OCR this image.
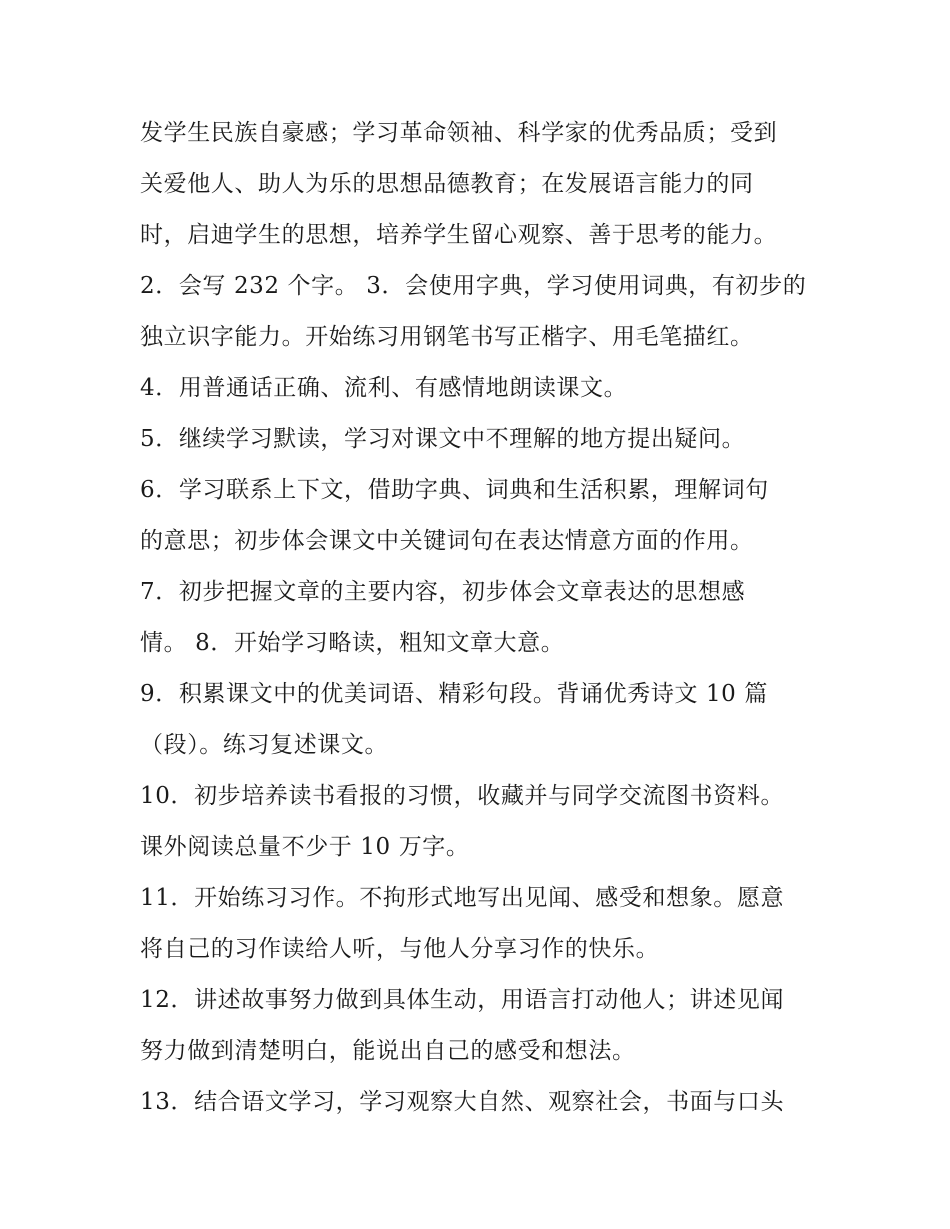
发学生民族自豪感；学习革命领袖、科学家的优秀品质；受到
关爱他人、助人为乐的思想品德教育；在发展语言能力的同
时，启迪学生的思想，培养学生留心观察、善于思考的能力。
2．会写 232 个字。 3．会使用字典，学习使用词典，有初步的
独立识字能力。开始练习用钢笔书写正楷字、用毛笔描红。
4．用普通话正确、流利、有感情地朗读课文。
5．继续学习默读，学习对课文中不理解的地方提出疑问。
6．学习联系上下文，借助字典、词典和生活积累，理解词句
的意思；初步体会课文中关键词句在表达情意方面的作用。
7．初步把握文章的主要内容，初步体会文章表达的思想感
情。 8．开始学习略读，粗知文章大意。
9．积累课文中的优美词语、精彩句段。背诵优秀诗文 10 篇
（段）。练习复述课文。
10．初步培养读书看报的习惯，收藏并与同学交流图书资料。
课外阅读总量不少于 10 万字。
11．开始练习习作。不拘形式地写出见闻、感受和想象。愿意
将自己的习作读给人听，与他人分享习作的快乐。
12．讲述故事努力做到具体生动，用语言打动他人；讲述见闻
努力做到清楚明白，能说出自己的感受和想法。
13．结合语文学习，学习观察大自然、观察社会，书面与口头
